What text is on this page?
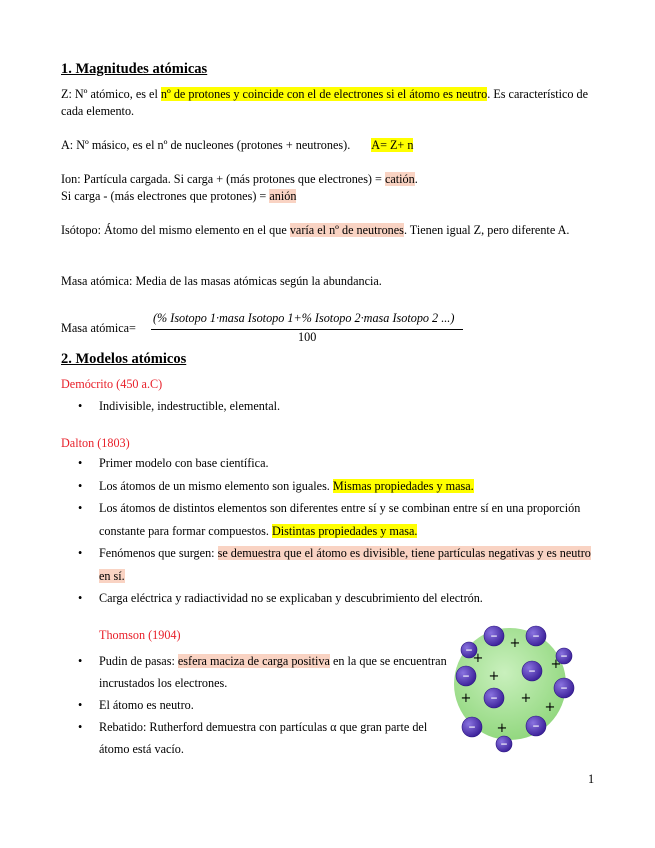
1. Magnitudes atómicas
Z: Nº atómico, es el nº de protones y coincide con el de electrones si el átomo es neutro. Es característico de cada elemento.
A: Nº másico, es el nº de nucleones (protones + neutrones). A= Z+ n
Ion: Partícula cargada. Si carga + (más protones que electrones) = catión.
Si carga - (más electrones que protones) = anión
Isótopo: Átomo del mismo elemento en el que varía el nº de neutrones. Tienen igual Z, pero diferente A.
Masa atómica: Media de las masas atómicas según la abundancia.
Masa atómica=
(% Isotopo 1·masa Isotopo 1+% Isotopo 2·masa Isotopo 2 ...)
100
2. Modelos atómicos
Demócrito (450 a.C)
• Indivisible, indestructible, elemental.
Dalton (1803)
• Primer modelo con base científica.
• Los átomos de un mismo elemento son iguales. Mismas propiedades y masa.
• Los átomos de distintos elementos son diferentes entre sí y se combinan entre sí en una proporción constante para formar compuestos. Distintas propiedades y masa.
• Fenómenos que surgen: se demuestra que el átomo es divisible, tiene partículas negativas y es neutro en sí.
• Carga eléctrica y radiactividad no se explicaban y descubrimiento del electrón.
Thomson (1904)
• Pudin de pasas: esfera maciza de carga positiva en la que se encuentran incrustados los electrones.
• El átomo es neutro.
• Rebatido: Rutherford demuestra con partículas α que gran parte del átomo está vacío.
−	−
−
−
−	−
−
−
−	−
−
+
+	+
+
+	+
+
+
1
